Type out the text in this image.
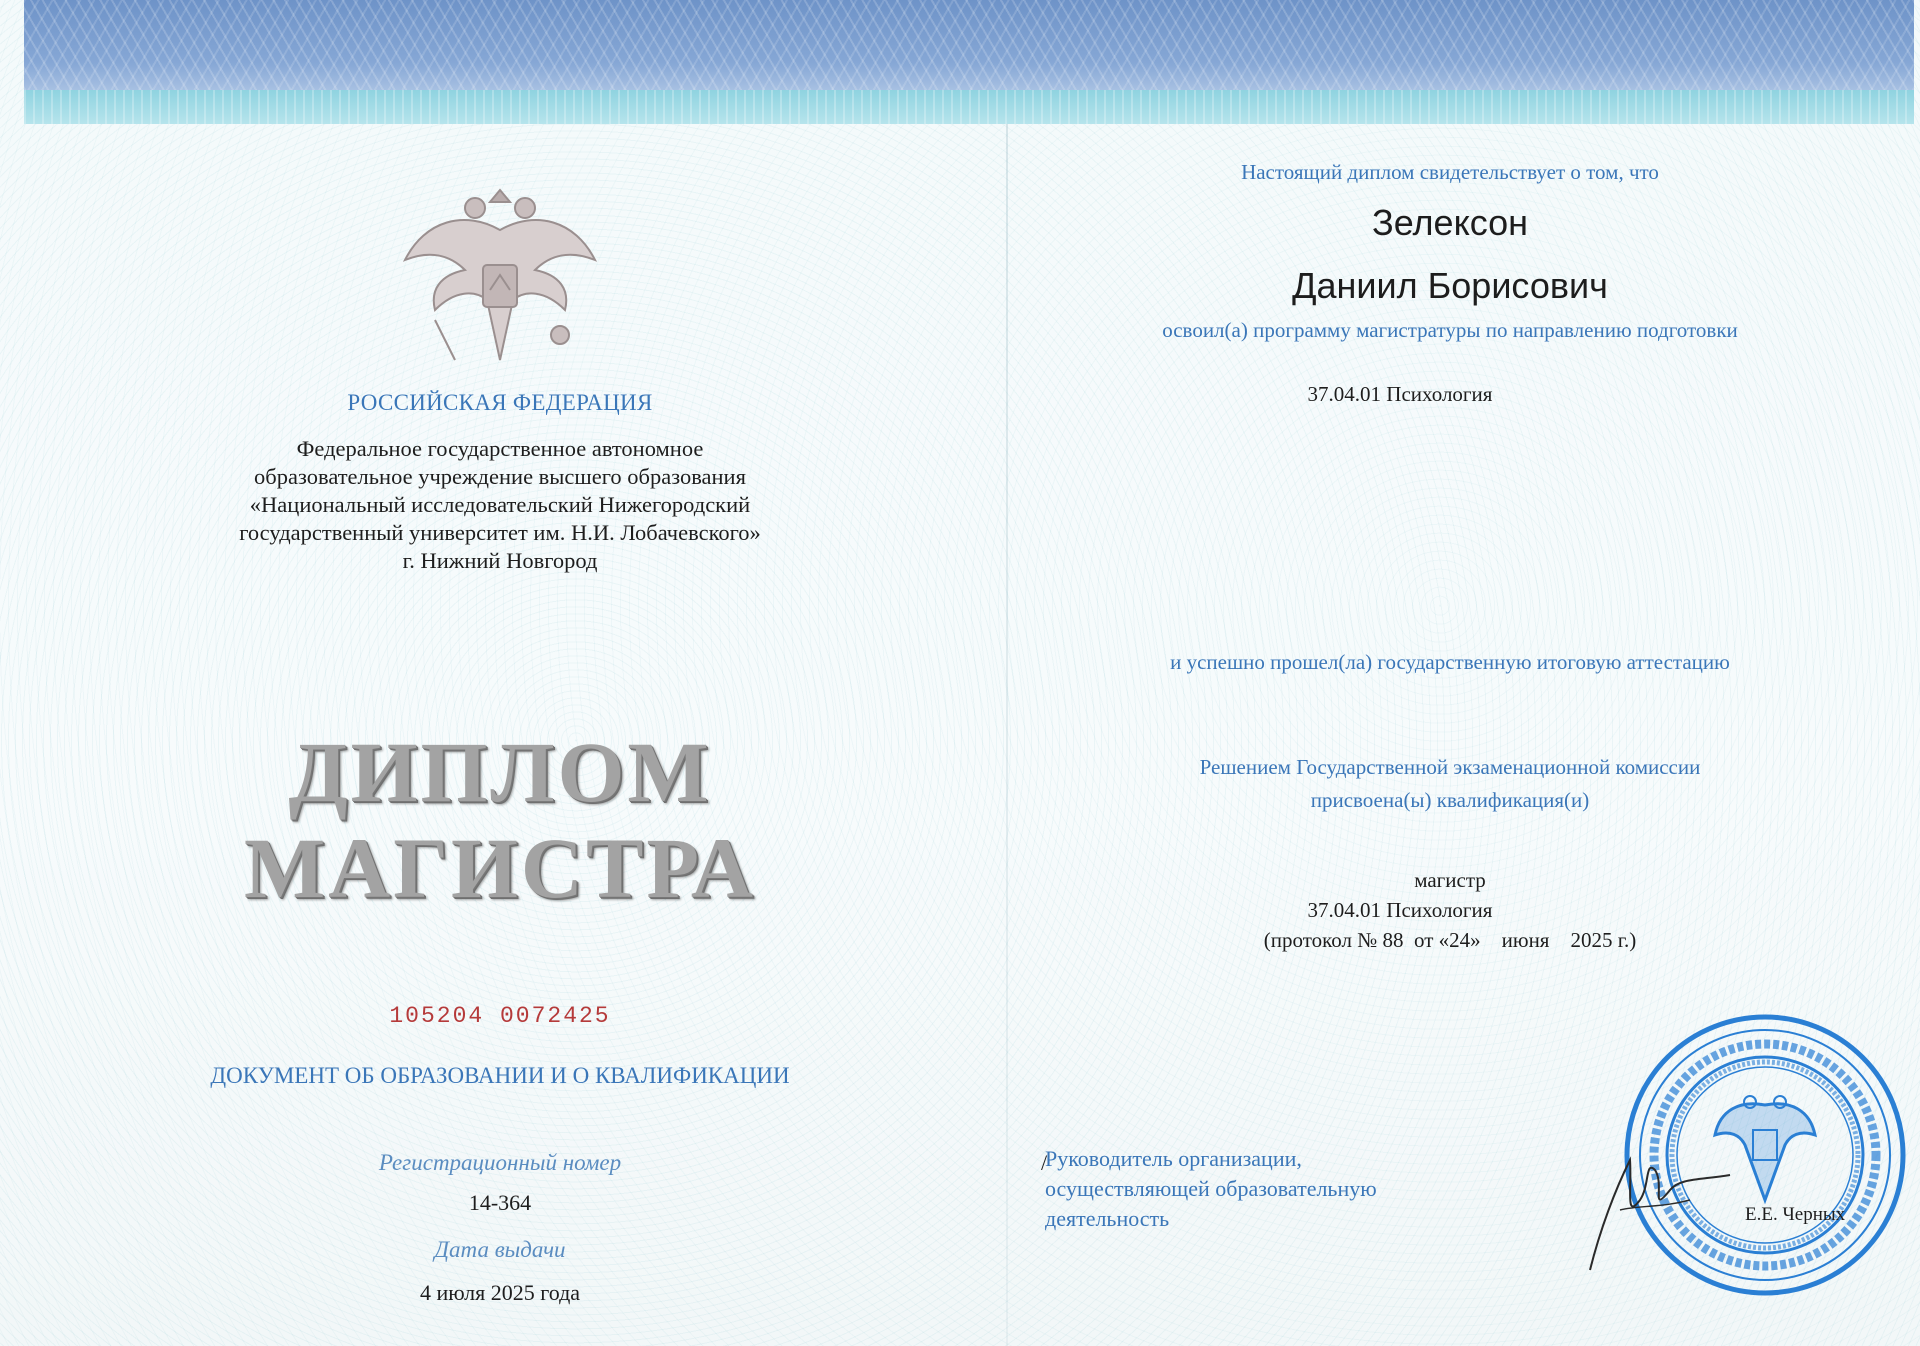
РОССИЙСКАЯ ФЕДЕРАЦИЯ
Федеральное государственное автономное
образовательное учреждение высшего образования
«Национальный исследовательский Нижегородский
государственный университет им. Н.И. Лобачевского»
г. Нижний Новгород
ДИПЛОМ
МАГИСТРА
105204 0072425
ДОКУМЕНТ ОБ ОБРАЗОВАНИИ И О КВАЛИФИКАЦИИ
Регистрационный номер
14-364
Дата выдачи
4 июля 2025 года
Настоящий диплом свидетельствует о том, что
Зелексон
Даниил Борисович
освоил(а) программу магистратуры по направлению подготовки
37.04.01 Психология
и успешно прошел(ла) государственную итоговую аттестацию
Решением Государственной экзаменационной комиссии
присвоена(ы) квалификация(и)
магистр
37.04.01 Психология
(протокол № 88  от «24»    июня    2025 г.)
/
Руководитель организации,
осуществляющей образовательную
деятельность	Е.Е. Черных
